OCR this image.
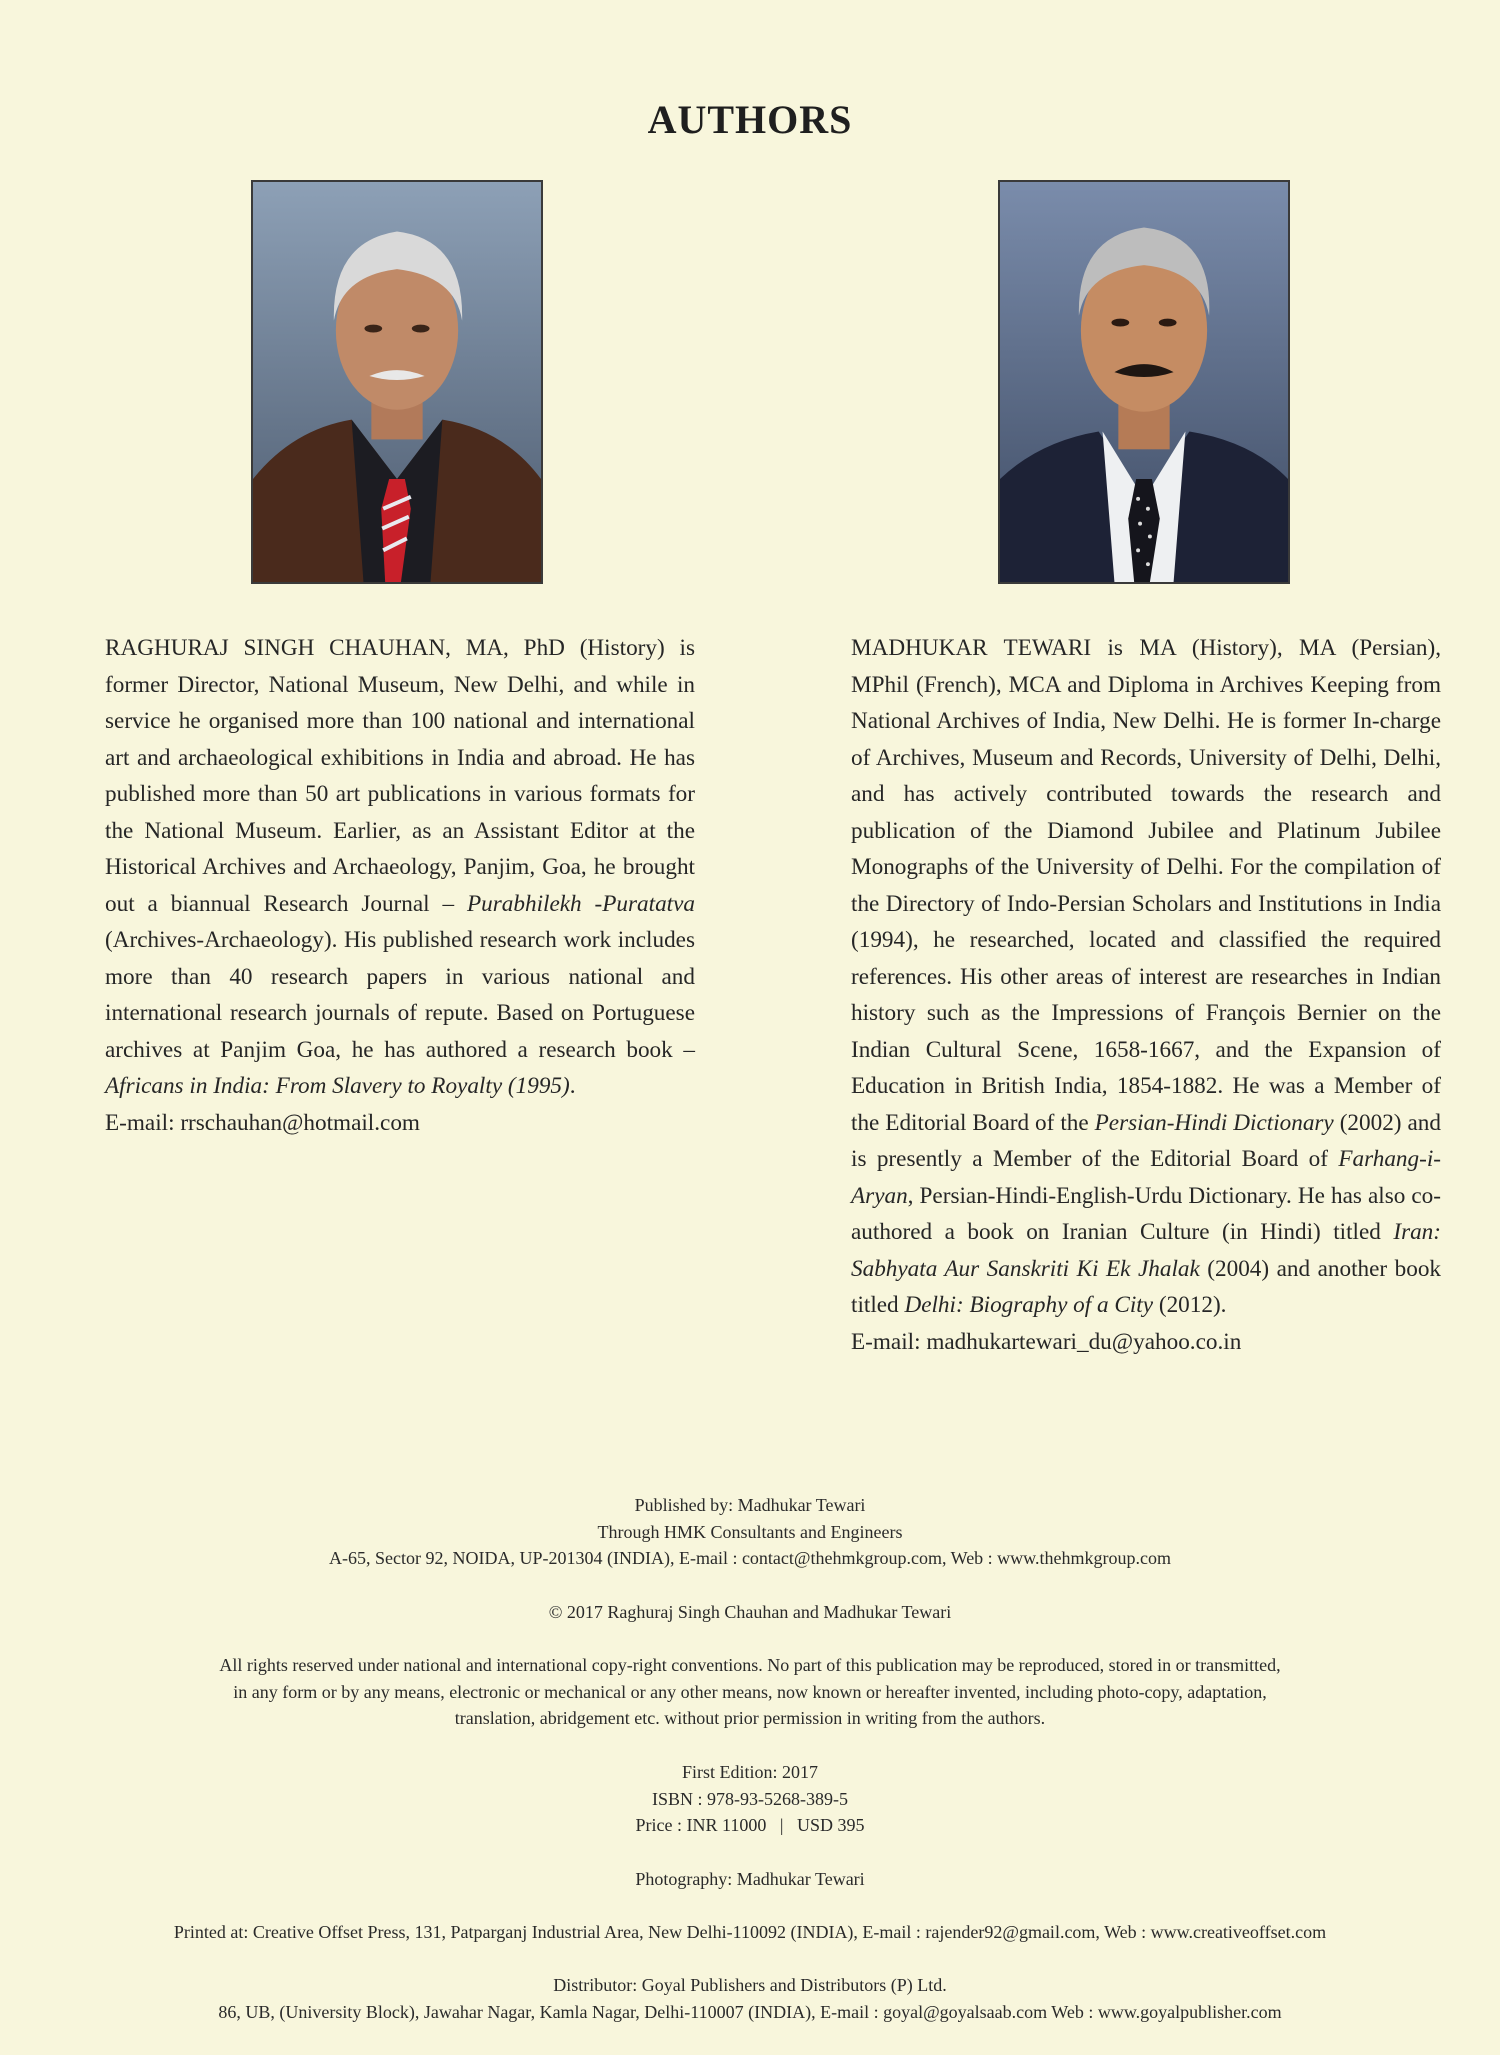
AUTHORS

RAGHURAJ SINGH CHAUHAN, MA, PhD (History) is former Director, National Museum, New Delhi, and while in service he organised more than 100 national and international art and archaeological exhibitions in India and abroad. He has published more than 50 art publications in various formats for the National Museum. Earlier, as an Assistant Editor at the Historical Archives and Archaeology, Panjim, Goa, he brought out a biannual Research Journal – Purabhilekh -Puratatva (Archives-Archaeology). His published research work includes more than 40 research papers in various national and international research journals of repute. Based on Portuguese archives at Panjim Goa, he has authored a research book – Africans in India: From Slavery to Royalty (1995).

E-mail: rrschauhan@hotmail.com

MADHUKAR TEWARI is MA (History), MA (Persian), MPhil (French), MCA and Diploma in Archives Keeping from National Archives of India, New Delhi. He is former In-charge of Archives, Museum and Records, University of Delhi, Delhi, and has actively contributed towards the research and publication of the Diamond Jubilee and Platinum Jubilee Monographs of the University of Delhi. For the compilation of the Directory of Indo-Persian Scholars and Institutions in India (1994), he researched, located and classified the required references. His other areas of interest are researches in Indian history such as the Impressions of François Bernier on the Indian Cultural Scene, 1658-1667, and the Expansion of Education in British India, 1854-1882. He was a Member of the Editorial Board of the Persian-Hindi Dictionary (2002) and is presently a Member of the Editorial Board of Farhang-i-Aryan, Persian-Hindi-English-Urdu Dictionary. He has also co-authored a book on Iranian Culture (in Hindi) titled Iran: Sabhyata Aur Sanskriti Ki Ek Jhalak (2004) and another book titled Delhi: Biography of a City (2012).

E-mail: madhukartewari_du@yahoo.co.in

Published by: Madhukar Tewari
Through HMK Consultants and Engineers
A-65, Sector 92, NOIDA, UP-201304 (INDIA), E-mail : contact@thehmkgroup.com, Web : www.thehmkgroup.com
© 2017 Raghuraj Singh Chauhan and Madhukar Tewari
All rights reserved under national and international copy-right conventions. No part of this publication may be reproduced, stored in or transmitted,
in any form or by any means, electronic or mechanical or any other means, now known or hereafter invented, including photo-copy, adaptation,
translation, abridgement etc. without prior permission in writing from the authors.
First Edition: 2017
ISBN : 978-93-5268-389-5
Price : INR 11000   |   USD 395
Photography: Madhukar Tewari
Printed at: Creative Offset Press, 131, Patparganj Industrial Area, New Delhi-110092 (INDIA), E-mail : rajender92@gmail.com, Web : www.creativeoffset.com
Distributor: Goyal Publishers and Distributors (P) Ltd.
86, UB, (University Block), Jawahar Nagar, Kamla Nagar, Delhi-110007 (INDIA), E-mail : goyal@goyalsaab.com Web : www.goyalpublisher.com
